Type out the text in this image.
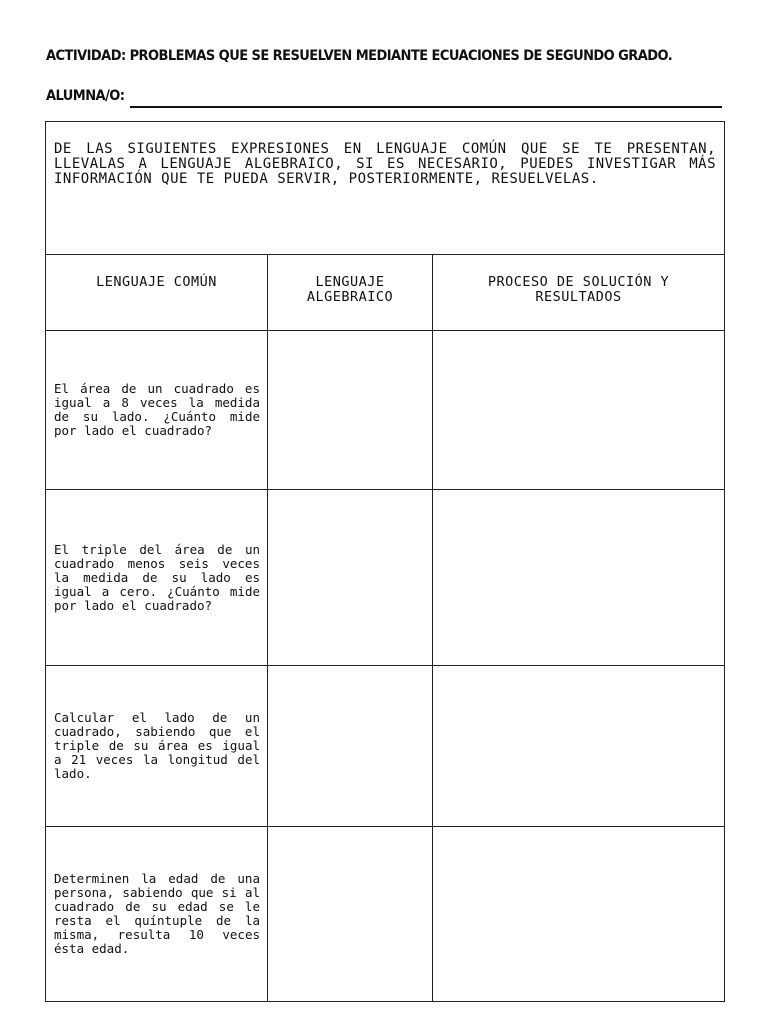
ACTIVIDAD: PROBLEMAS QUE SE RESUELVEN MEDIANTE ECUACIONES DE SEGUNDO GRADO.
ALUMNA/O:
DE LAS SIGUIENTES EXPRESIONES EN LENGUAJE COMÚN QUE SE TE PRESENTAN, LLEVALAS A LENGUAJE ALGEBRAICO, SI ES NECESARIO, PUEDES INVESTIGAR MÁS INFORMACIÓN QUE TE PUEDA SERVIR, POSTERIORMENTE, RESUELVELAS.		
LENGUAJE COMÚN	LENGUAJE ALGEBRAICO	PROCESO DE SOLUCIÓN Y RESULTADOS
El área de un cuadrado es igual a 8 veces la medida de su lado. ¿Cuánto mide por lado el cuadrado?		
El triple del área de un cuadrado menos seis veces la medida de su lado es igual a cero. ¿Cuánto mide por lado el cuadrado?		
Calcular el lado de un cuadrado, sabiendo que el triple de su área es igual a 21 veces la longitud del lado.		
Determinen la edad de una persona, sabiendo que si al cuadrado de su edad se le resta el quíntuple de la misma, resulta 10 veces ésta edad.		
